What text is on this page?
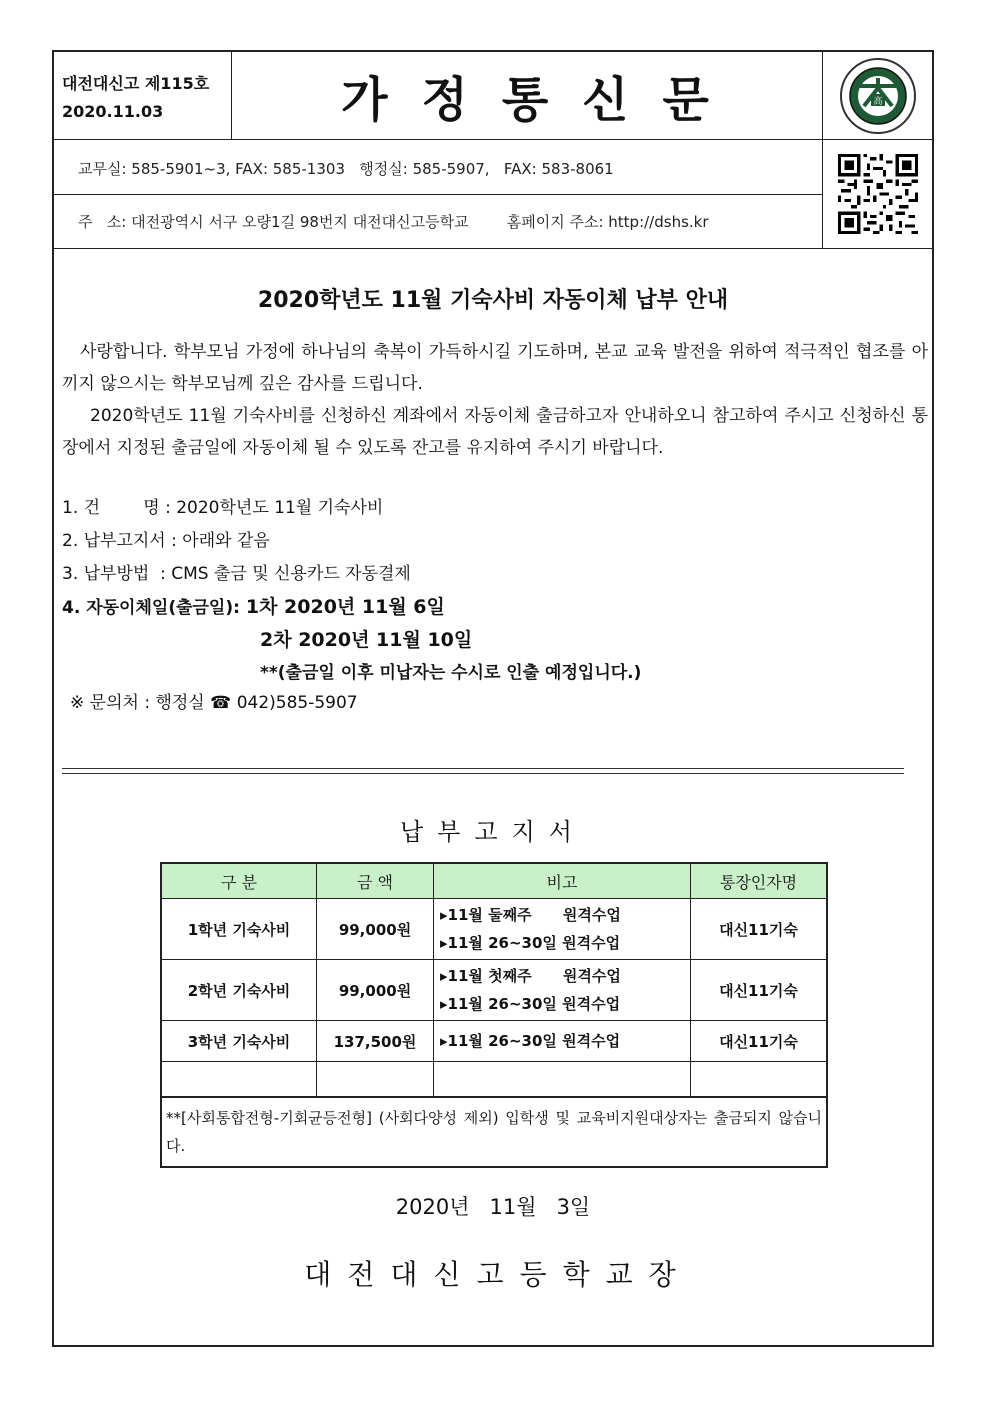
대전대신고 제115호
2020.11.03	가정통신문	高
교무실: 585-5901~3, FAX: 585-1303   행정실: 585-5907,   FAX: 583-8061
주   소: 대전광역시 서구 오량1길 98번지 대전대신고등학교        홈페이지 주소: http://dshs.kr
2020학년도 11월 기숙사비 자동이체 납부 안내
사랑합니다. 학부모님 가정에 하나님의 축복이 가득하시길 기도하며, 본교 교육 발전을 위하여 적극적인 협조를 아끼지 않으시는 학부모님께 깊은 감사를 드립니다.
2020학년도 11월 기숙사비를 신청하신 계좌에서 자동이체 출금하고자 안내하오니 참고하여 주시고 신청하신 통장에서 지정된 출금일에 자동이체 될 수 있도록 잔고를 유지하여 주시기 바랍니다.
1. 건        명 : 2020학년도 11월 기숙사비
2. 납부고지서 : 아래와 같음
3. 납부방법  : CMS 출금 및 신용카드 자동결제
4. 자동이체일(출금일): 1차 2020년 11월 6일
2차 2020년 11월 10일
**(출금일 이후 미납자는 수시로 인출 예정입니다.)
※ 문의처 : 행정실 ☎ 042)585-5907
납부고지서
구 분	금 액	비고	통장인자명
1학년 기숙사비	99,000원	▸11월 둘째주      원격수업
▸11월 26~30일 원격수업	대신11기숙
2학년 기숙사비	99,000원	▸11월 첫째주      원격수업
▸11월 26~30일 원격수업	대신11기숙
3학년 기숙사비	137,500원	▸11월 26~30일 원격수업	대신11기숙

**[사회통합전형-기회균등전형] (사회다양성 제외) 입학생 및 교육비지원대상자는 출금되지 않습니다.			
2020년   11월   3일
대전대신고등학교장
